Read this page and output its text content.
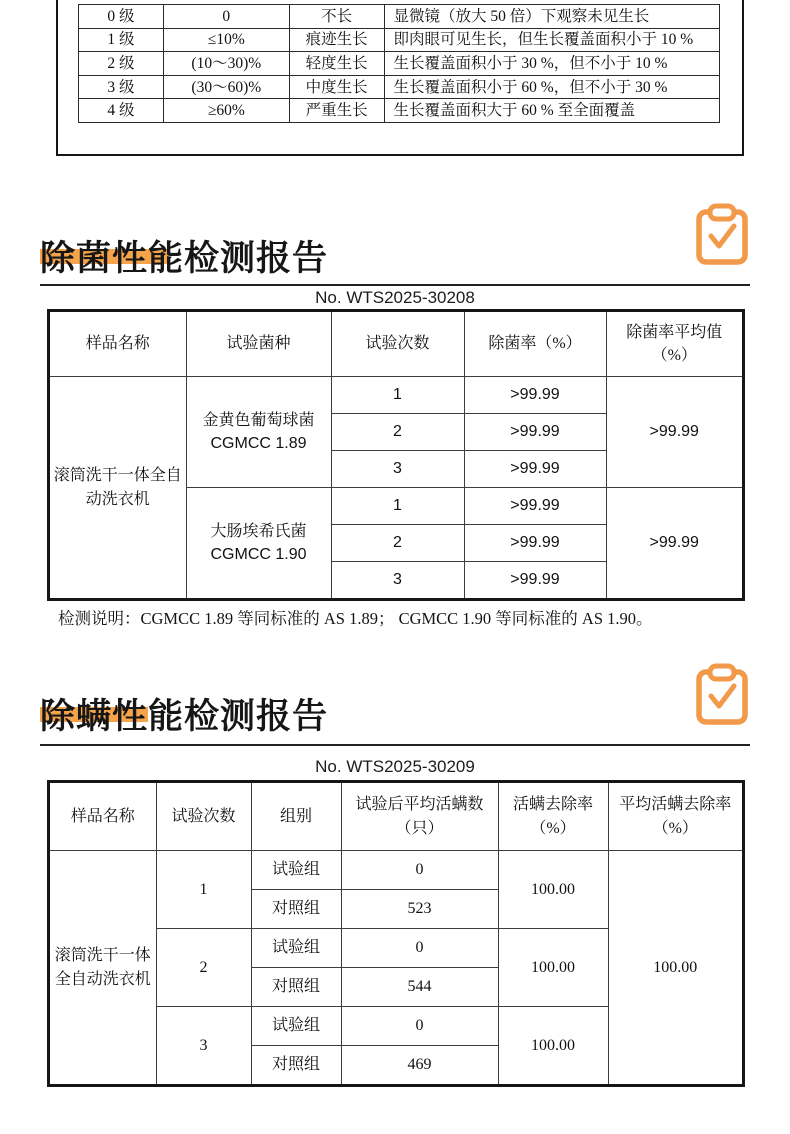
0 级	0	不长	显微镜（放大 50 倍）下观察未见生长
1 级	≤10%	痕迹生长	即肉眼可见生长，但生长覆盖面积小于 10 %
2 级	(10～30)%	轻度生长	生长覆盖面积小于 30 %，但不小于 10 %
3 级	(30～60)%	中度生长	生长覆盖面积小于 60 %，但不小于 30 %
4 级	≥60%	严重生长	生长覆盖面积大于 60 % 至全面覆盖
除菌性能检测报告
No. WTS2025-30208
样品名称	试验菌种	试验次数	除菌率（%）	除菌率平均值（%）
滚筒洗干一体全自动洗衣机	金黄色葡萄球菌
CGMCC 1.89	1	>99.99	>99.99
		2	>99.99	
		3	>99.99	

	大肠埃希氏菌
CGMCC 1.90	1	>99.99	>99.99
		2	>99.99	
		3	>99.99	
检测说明：CGMCC 1.89 等同标准的 AS 1.89； CGMCC 1.90 等同标准的 AS 1.90。
除螨性能检测报告
No. WTS2025-30209
样品名称	试验次数	组别	试验后平均活螨数（只）	活螨去除率（%）	平均活螨去除率（%）
滚筒洗干一体全自动洗衣机	1	试验组	0	100.00	100.00
		对照组	523		
	2	试验组	0	100.00	
		对照组	544		
	3	试验组	0	100.00	
		对照组	469		
